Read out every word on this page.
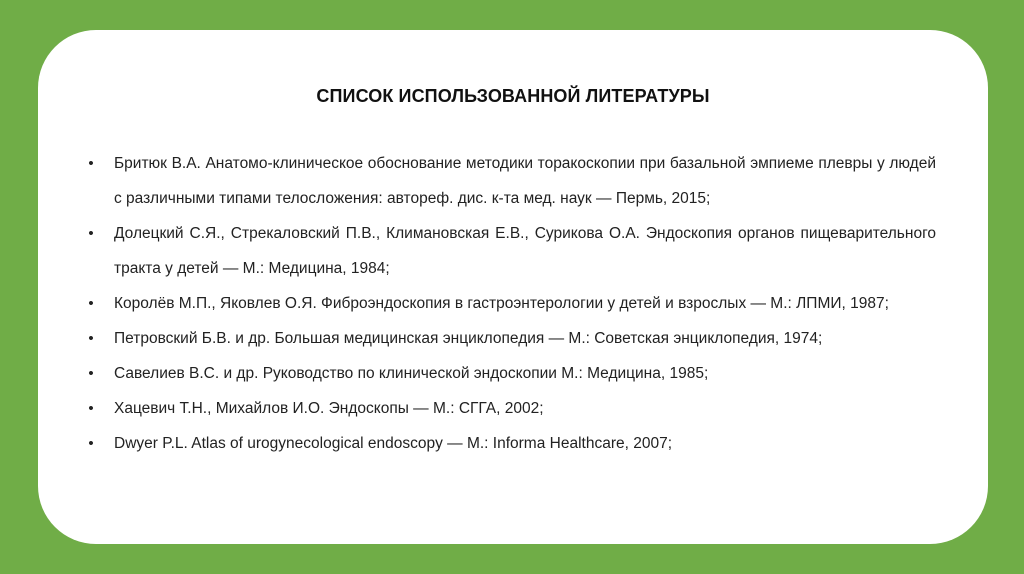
СПИСОК ИСПОЛЬЗОВАННОЙ ЛИТЕРАТУРЫ
• Бритюк В.А. Анатомо-клиническое обоснование методики торакоскопии при базальной эмпиеме плевры у людей с различными типами телосложения: автореф. дис. к-та мед. наук — Пермь, 2015;
• Долецкий С.Я., Стрекаловский П.В., Климановская Е.В., Сурикова О.А. Эндоскопия органов пищеварительного тракта у детей — М.: Медицина, 1984;
• Королёв М.П., Яковлев О.Я. Фиброэндоскопия в гастроэнтерологии у детей и взрослых — М.: ЛПМИ, 1987;
• Петровский Б.В. и др. Большая медицинская энциклопедия — М.: Советская энциклопедия, 1974;
• Савелиев В.С. и др. Руководство по клинической эндоскопии М.: Медицина, 1985;
• Хацевич Т.Н., Михайлов И.О. Эндоскопы — М.: СГГА, 2002;
• Dwyer P.L. Atlas of urogynecological endoscopy — М.: Informa Healthcare, 2007;
